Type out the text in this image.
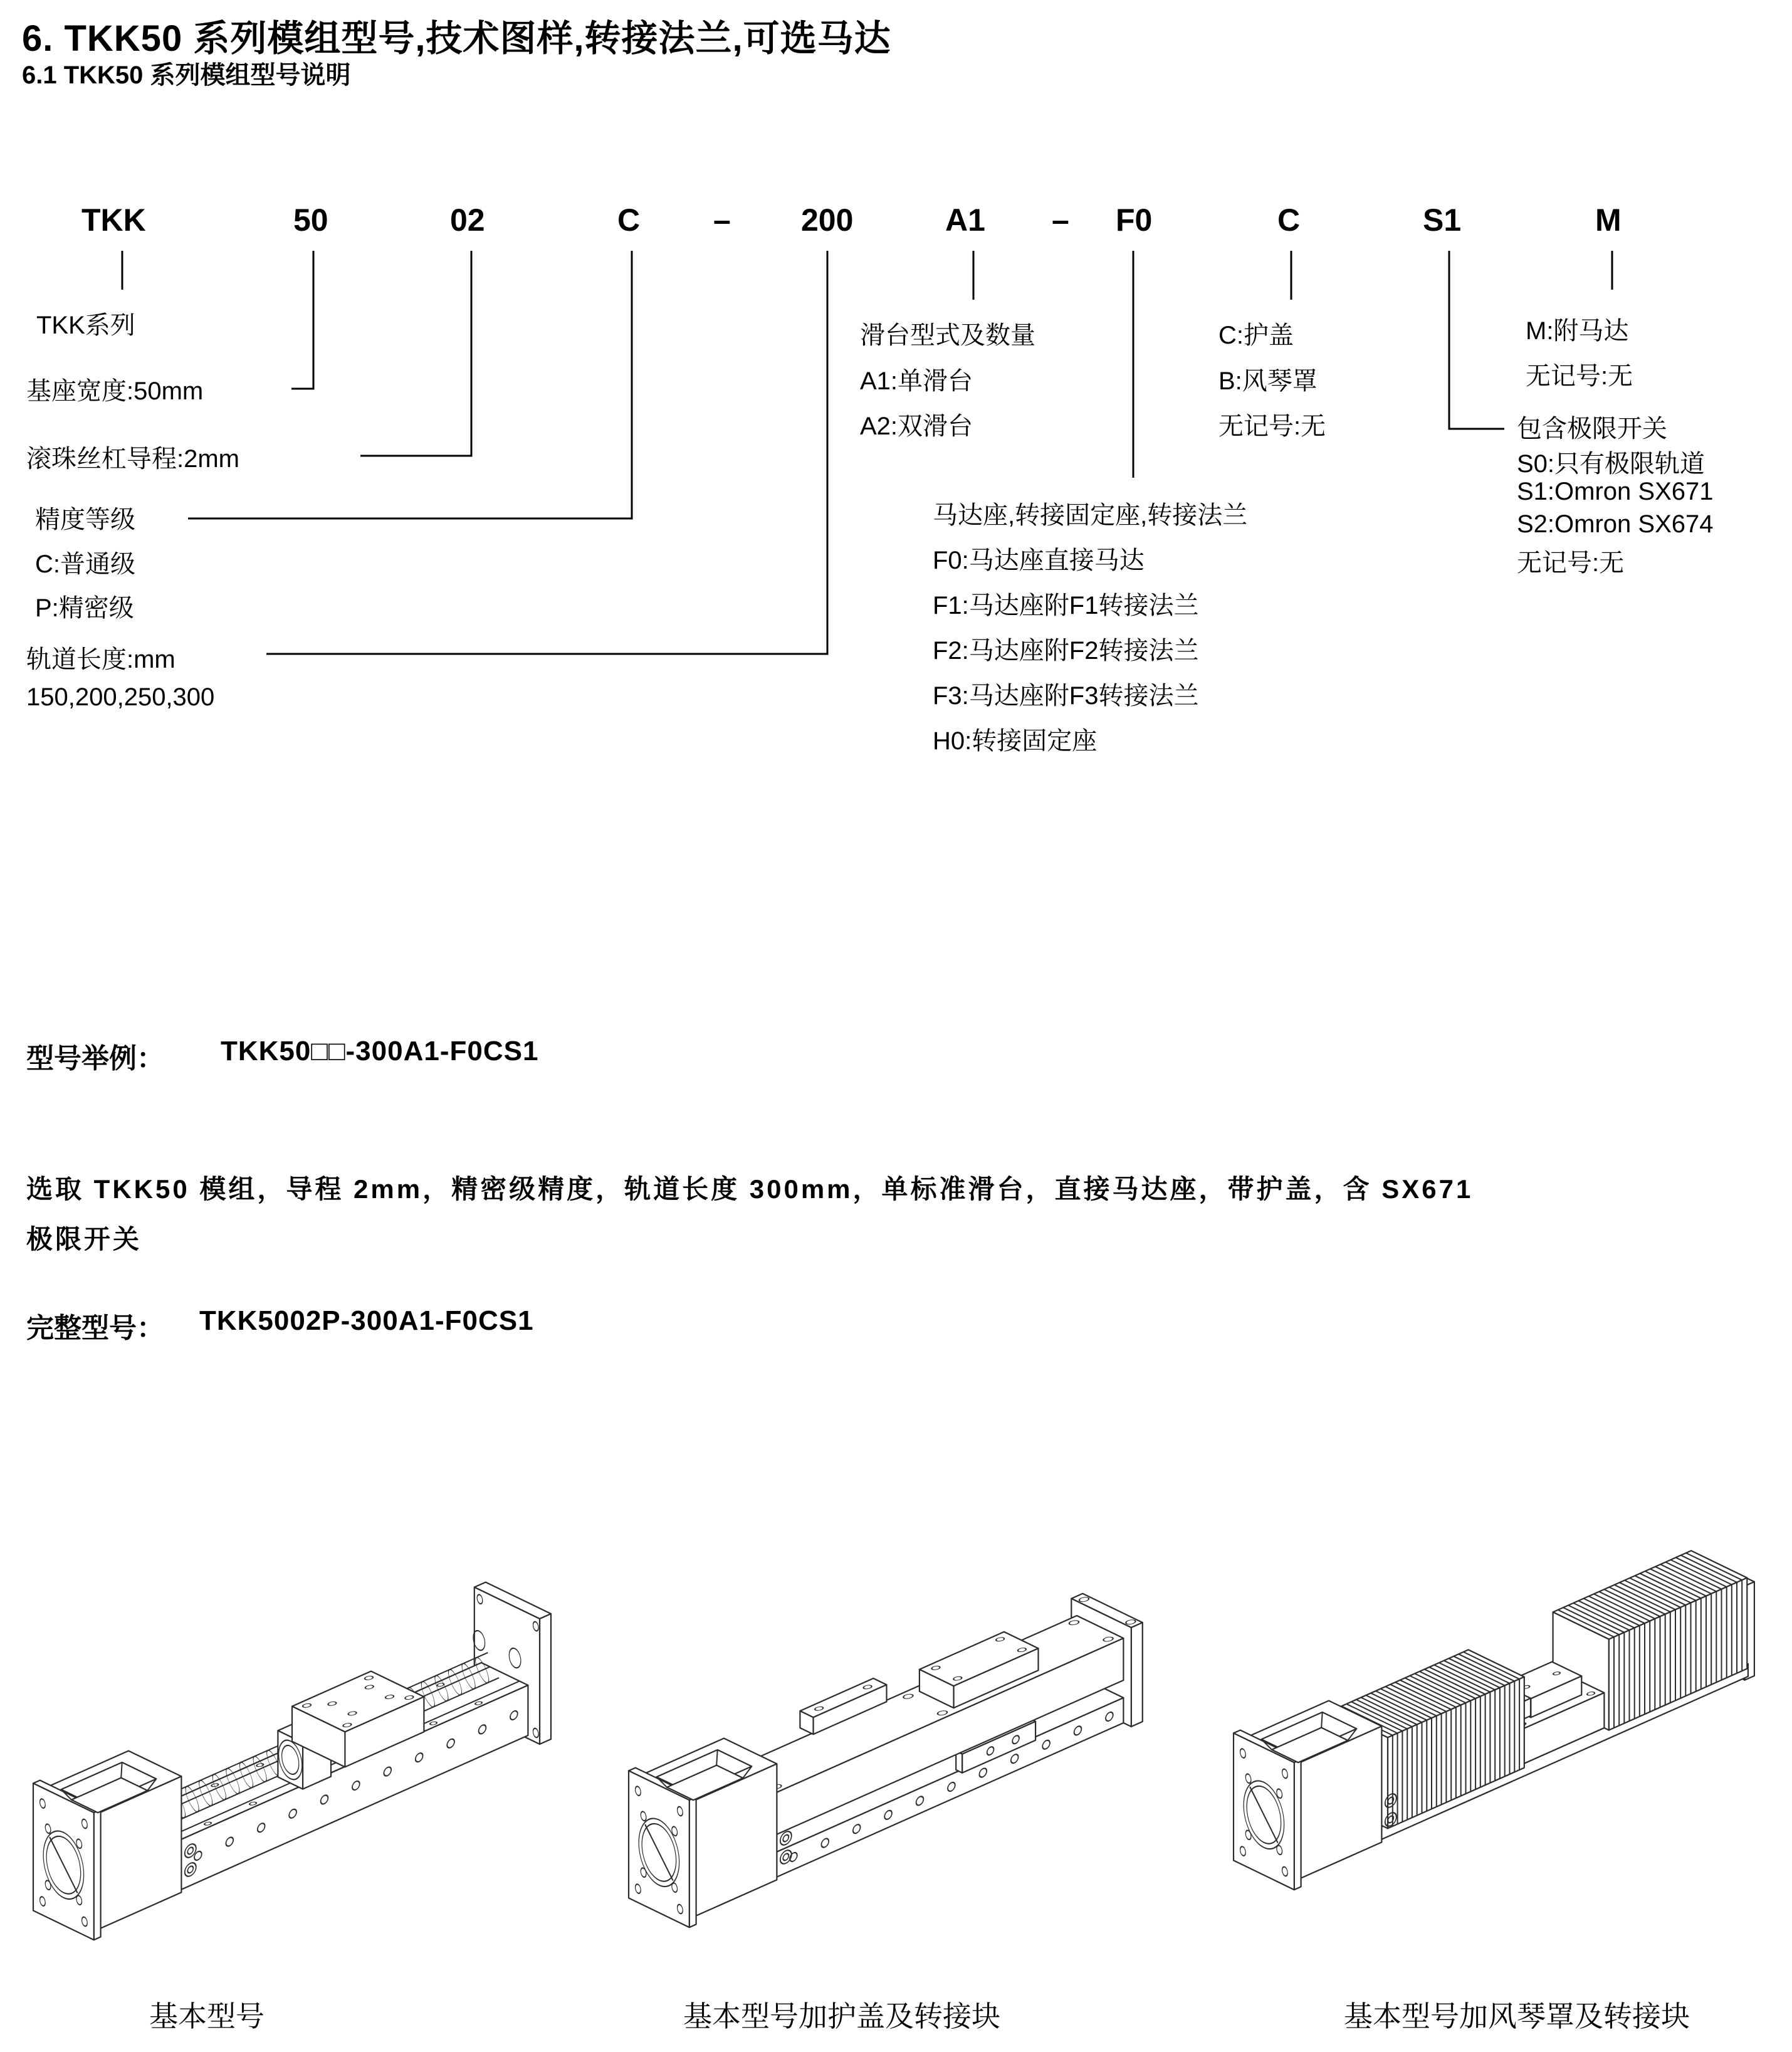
6. TKK50 系列模组型号,技术图样,转接法兰,可选马达
6.1 TKK50 系列模组型号说明
TKK	50	02	C – 200	A1 – F0	C	S1	M
TKK系列
基座宽度:50mm
滚珠丝杠导程:2mm
精度等级
C:普通级
P:精密级
轨道长度:mm
150,200,250,300
滑台型式及数量
A1:单滑台
A2:双滑台
马达座,转接固定座,转接法兰
F0:马达座直接马达
F1:马达座附F1转接法兰
F2:马达座附F2转接法兰
F3:马达座附F3转接法兰
H0:转接固定座
C:护盖
B:风琴罩
无记号:无
M:附马达
无记号:无
包含极限开关
S0:只有极限轨道
S1:Omron SX671
S2:Omron SX674
无记号:无
型号举例： TKK50□□-300A1-F0CS1
选取 TKK50 模组，导程 2mm，精密级精度，轨道长度 300mm，单标准滑台，直接马达座，带护盖，含 SX671
极限开关
完整型号： TKK5002P-300A1-F0CS1
基本型号	基本型号加护盖及转接块	基本型号加风琴罩及转接块
